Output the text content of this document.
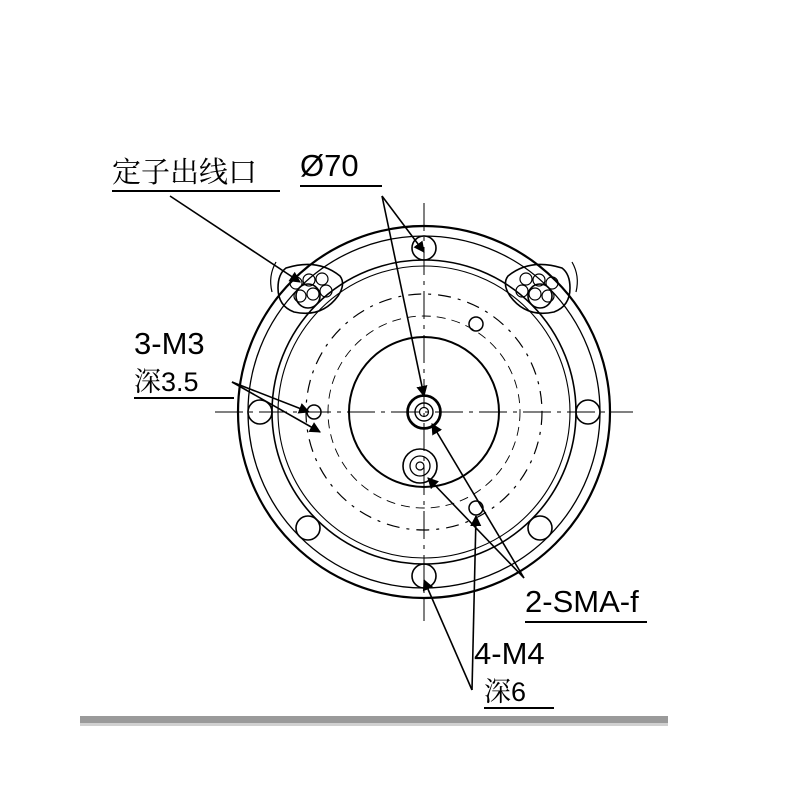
定子出线口	Ø70
3-M3
深3.5
2-SMA-f
4-M4
深6
